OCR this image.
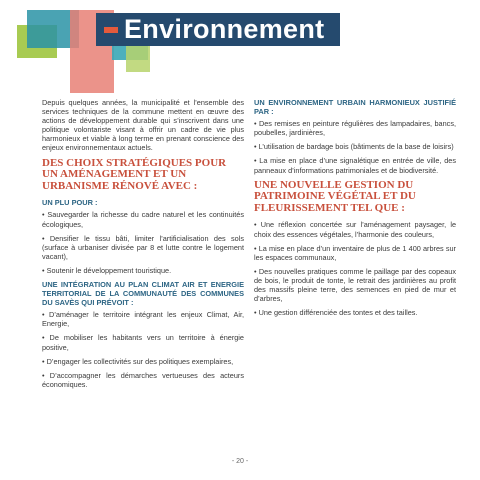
Environnement

Depuis quelques années, la municipalité et l’ensemble des services techniques de la commune mettent en œuvre des actions de développement durable qui s’inscrivent dans une politique volontariste visant à offrir un cadre de vie plus harmonieux et viable à long terme en prenant conscience des enjeux environnementaux actuels.

DES CHOIX STRATÉGIQUES POUR UN AMÉNAGEMENT ET UN URBANISME RÉNOVÉ AVEC :
UN PLU POUR :
• Sauvegarder la richesse du cadre naturel et les continuités écologiques,
• Densifier le tissu bâti, limiter l’artificialisation des sols (surface à urbaniser divisée par 8 et lutte contre le logement vacant),
• Soutenir le développement touristique.
UNE INTÉGRATION AU PLAN CLIMAT AIR ET ENERGIE TERRITORIAL DE LA COMMUNAUTÉ DES COMMUNES DU SAVÈS QUI PRÉVOIT :
• D’aménager le territoire intégrant les enjeux Climat, Air, Energie,
• De mobiliser les habitants vers un territoire à énergie positive,
• D’engager les collectivités sur des politiques exemplaires,
• D’accompagner les démarches vertueuses des acteurs économiques.
UN ENVIRONNEMENT URBAIN HARMONIEUX JUSTIFIÉ PAR :
• Des remises en peinture régulières des lampadaires, bancs, poubelles, jardinières,
• L’utilisation de bardage bois (bâtiments de la base de loisirs)
• La mise en place d’une signalétique en entrée de ville, des panneaux d’informations patrimoniales et de biodiversité.
UNE NOUVELLE GESTION DU PATRIMOINE VÉGÉTAL ET DU FLEURISSEMENT TEL QUE :
• Une réflexion concertée sur l’aménagement paysager, le choix des essences végétales, l’harmonie des couleurs,
• La mise en place d’un inventaire de plus de 1 400 arbres sur les espaces communaux,
• Des nouvelles pratiques comme le paillage par des copeaux de bois, le produit de tonte, le retrait des jardinières au profit des massifs pleine terre, des semences en pied de mur et d’arbres,
• Une gestion différenciée des tontes et des tailles.
- 20 -
